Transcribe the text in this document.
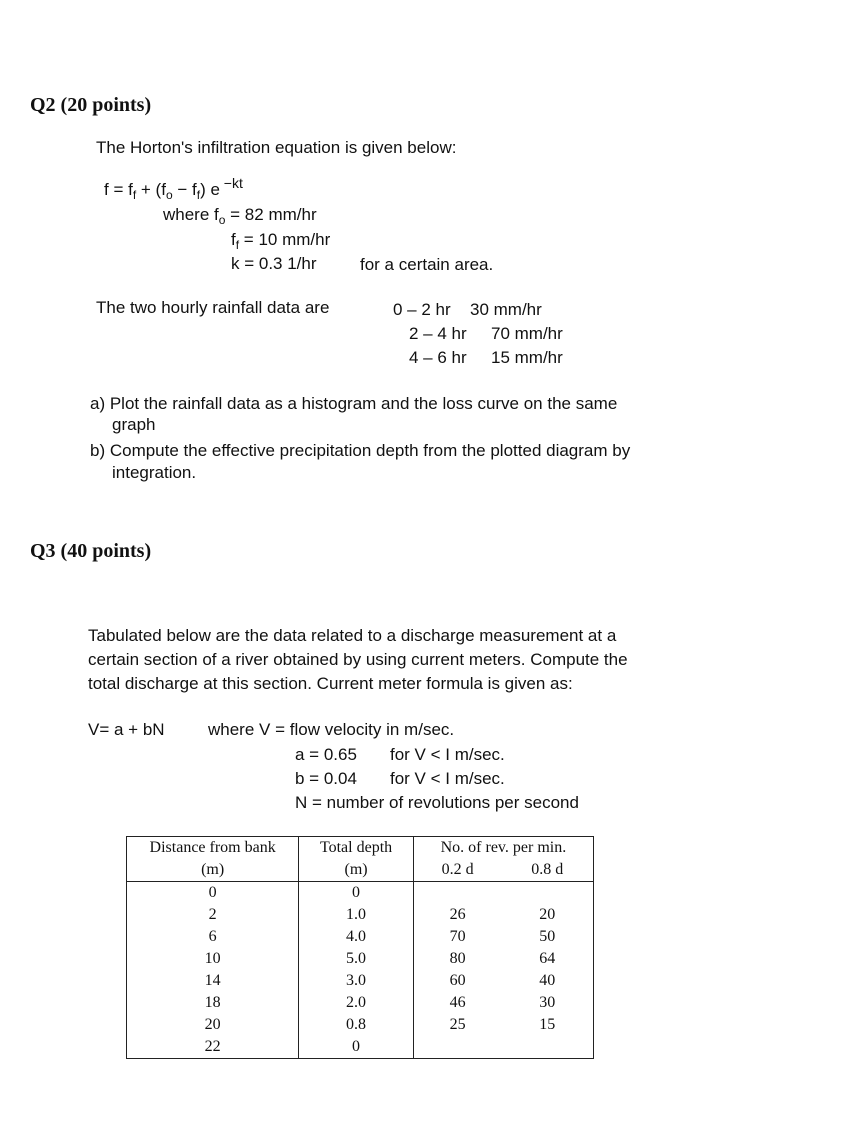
Q2 (20 points)
The Horton's infiltration equation is given below:
$f = f_f + (f_o - f_f)$ e $^{-kt}$
where $f_o = 82$ mm/hr
$f_f = 10$ mm/hr
k = 0.3 1/hr	for a certain area.
The two hourly rainfall data are	0 – 2 hr 30 mm/hr
2 – 4 hr 70 mm/hr
4 – 6 hr 15 mm/hr
a) Plot the rainfall data as a histogram and the loss curve on the same
graph
b) Compute the effective precipitation depth from the plotted diagram by
integration.
Q3 (40 points)
Tabulated below are the data related to a discharge measurement at a
certain section of a river obtained by using current meters. Compute the
total discharge at this section. Current meter formula is given as:
V= a + bN	where V = flow velocity in m/sec.
a = 0.65 for V < I m/sec.
b = 0.04 for V < I m/sec.
N = number of revolutions per second
Distance from bank	Total depth	No. of rev. per min.	
(m)	(m)	0.2 d	0.8 d
0	0		
2	1.0	26	20
6	4.0	70	50
10	5.0	80	64
14	3.0	60	40
18	2.0	46	30
20	0.8	25	15
22	0		
